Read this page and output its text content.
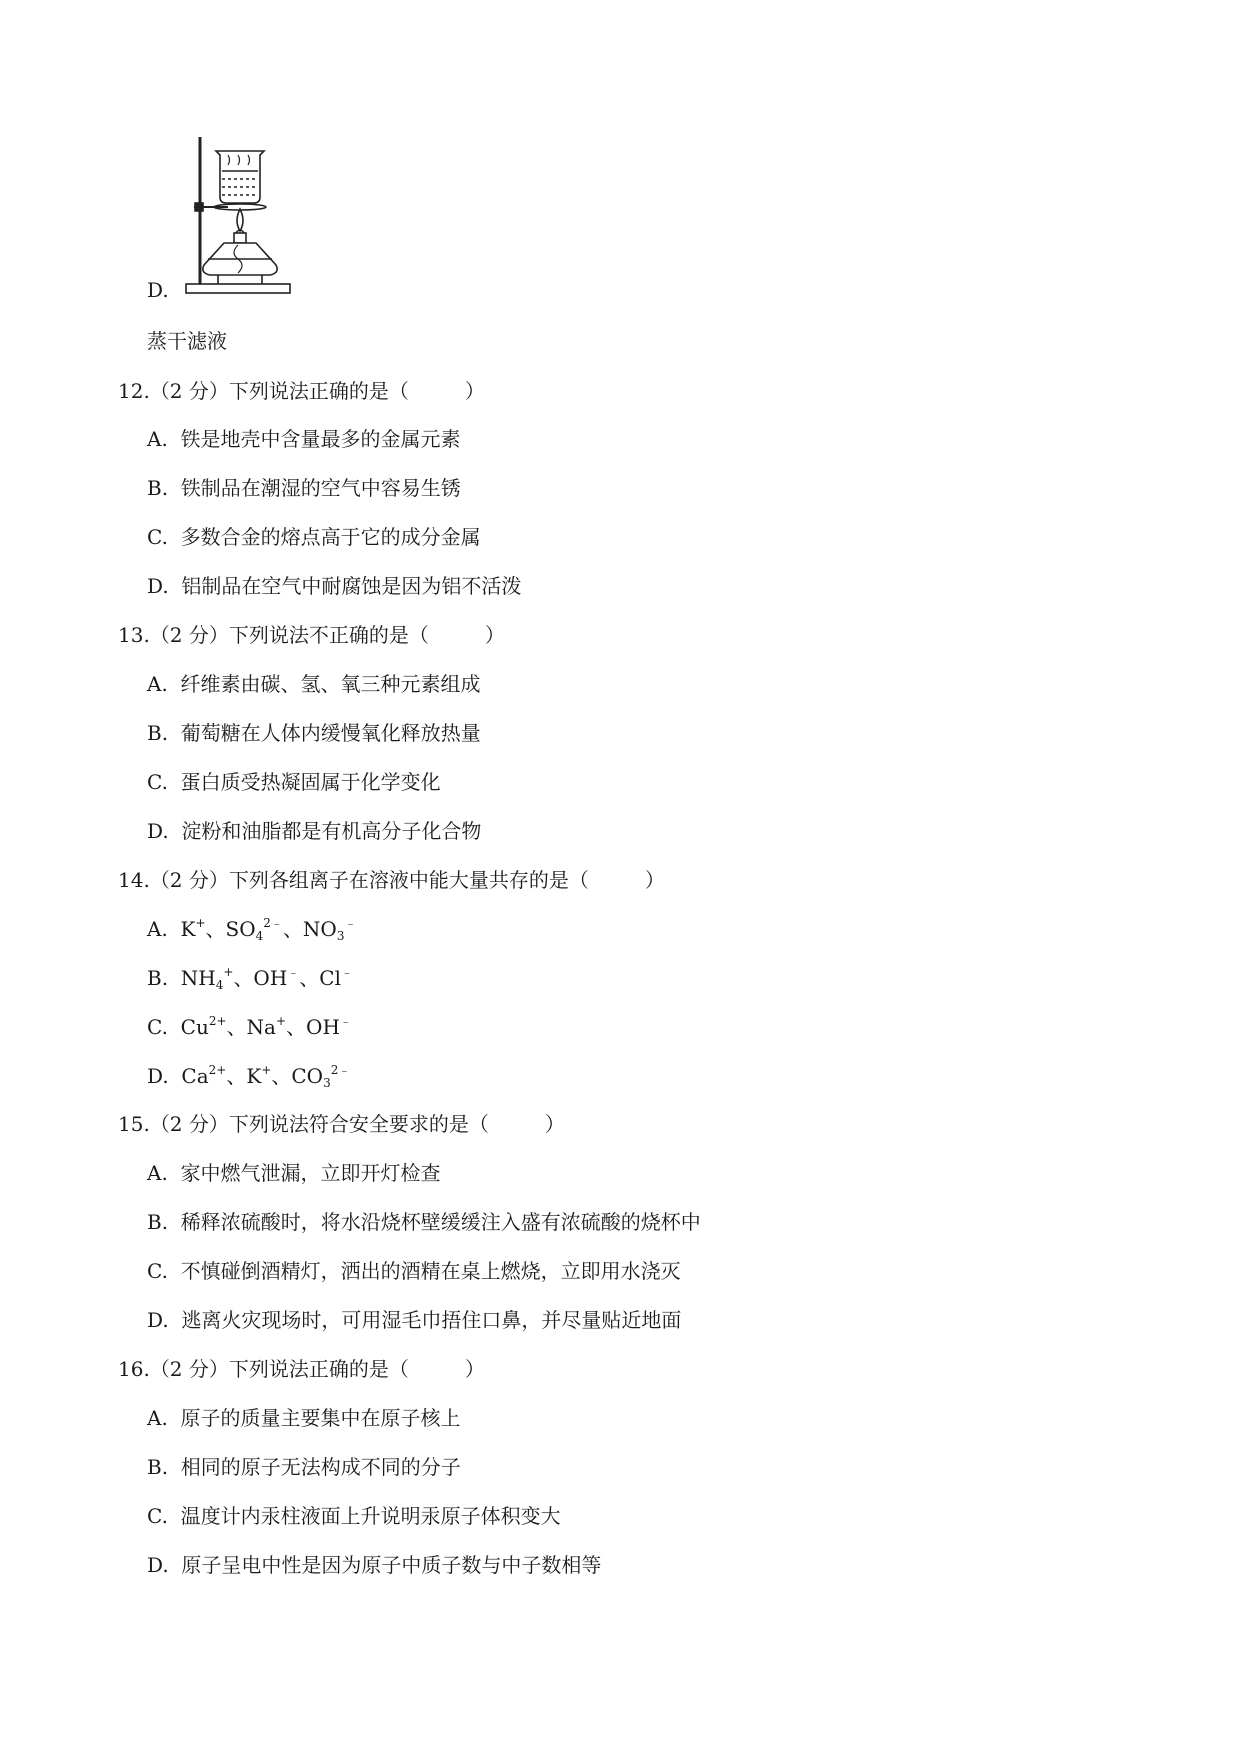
D.
蒸干滤液
12.（2 分）下列说法正确的是（	）
A. 铁是地壳中含量最多的金属元素
B. 铁制品在潮湿的空气中容易生锈
C. 多数合金的熔点高于它的成分金属
D. 铝制品在空气中耐腐蚀是因为铝不活泼
13.（2 分）下列说法不正确的是（	）
A. 纤维素由碳、氢、氧三种元素组成
B. 葡萄糖在人体内缓慢氧化释放热量
C. 蛋白质受热凝固属于化学变化
D. 淀粉和油脂都是有机高分子化合物
14.（2 分）下列各组离子在溶液中能大量共存的是（	）
A. K+、$SO_4^{2﹣}$、$NO_3^﹣$
B. $NH_4^+$、OH﹣、Cl﹣
C. $Cu^{2+}$、Na+、OH﹣
D. $Ca^{2+}$、K+、$CO_3^{2﹣}$
15.（2 分）下列说法符合安全要求的是（	）
A. 家中燃气泄漏，立即开灯检查
B. 稀释浓硫酸时，将水沿烧杯壁缓缓注入盛有浓硫酸的烧杯中
C. 不慎碰倒酒精灯，洒出的酒精在桌上燃烧，立即用水浇灭
D. 逃离火灾现场时，可用湿毛巾捂住口鼻，并尽量贴近地面
16.（2 分）下列说法正确的是（	）
A. 原子的质量主要集中在原子核上
B. 相同的原子无法构成不同的分子
C. 温度计内汞柱液面上升说明汞原子体积变大
D. 原子呈电中性是因为原子中质子数与中子数相等
